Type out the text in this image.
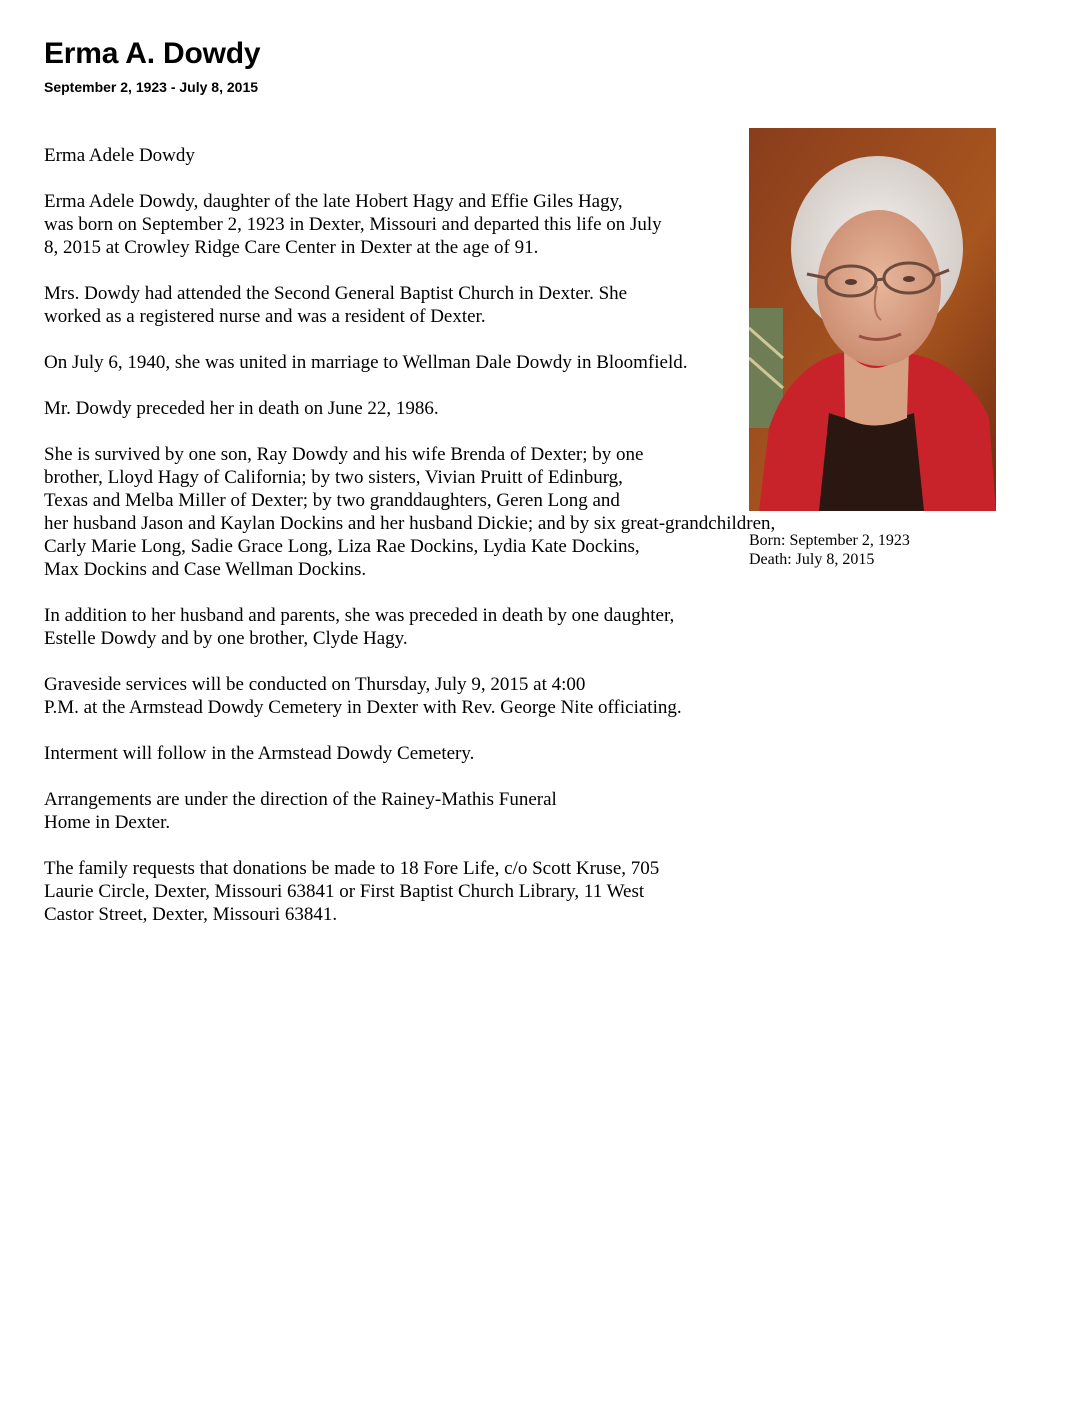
Erma A. Dowdy
September 2, 1923 - July 8, 2015
Erma Adele Dowdy
Erma Adele Dowdy, daughter of the late Hobert Hagy and Effie Giles Hagy,
was born on September 2, 1923 in Dexter, Missouri and departed this life on July
8, 2015 at Crowley Ridge Care Center in Dexter at the age of 91.
Mrs. Dowdy had attended the Second General Baptist Church in Dexter. She
worked as a registered nurse and was a resident of Dexter.
On July 6, 1940, she was united in marriage to Wellman Dale Dowdy in Bloomfield.
Mr. Dowdy preceded her in death on June 22, 1986.
She is survived by one son, Ray Dowdy and his wife Brenda of Dexter; by one
brother, Lloyd Hagy of California; by two sisters, Vivian Pruitt of Edinburg,
Texas and Melba Miller of Dexter; by two granddaughters, Geren Long and
her husband Jason and Kaylan Dockins and her husband Dickie; and by six great-grandchildren,
Carly Marie Long, Sadie Grace Long, Liza Rae Dockins, Lydia Kate Dockins,
Max Dockins and Case Wellman Dockins.
In addition to her husband and parents, she was preceded in death by one daughter,
Estelle Dowdy and by one brother, Clyde Hagy.
Graveside services will be conducted on Thursday, July 9, 2015 at 4:00
P.M. at the Armstead Dowdy Cemetery in Dexter with Rev. George Nite officiating.
Interment will follow in the Armstead Dowdy Cemetery.
Arrangements are under the direction of the Rainey-Mathis Funeral
Home in Dexter.
The family requests that donations be made to 18 Fore Life, c/o Scott Kruse, 705
Laurie Circle, Dexter, Missouri 63841 or First Baptist Church Library, 11 West
Castor Street, Dexter, Missouri 63841.
Born: September 2, 1923
Death: July 8, 2015
